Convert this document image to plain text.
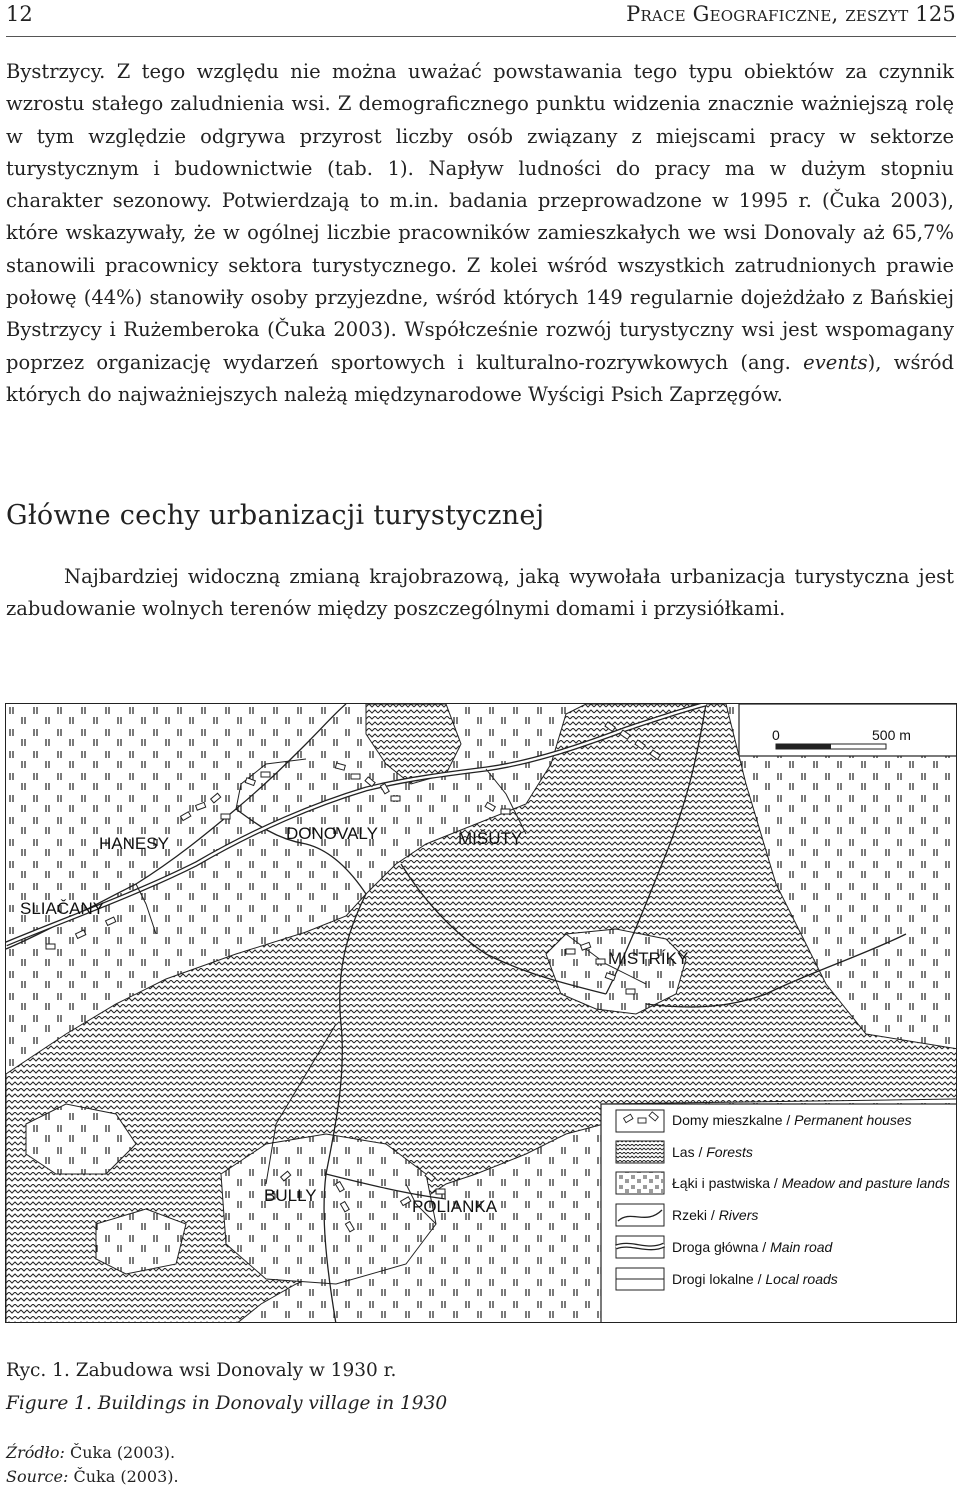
12	Prace Geograficzne, zeszyt 125
Bystrzycy. Z tego względu nie można uważać powstawania tego typu obiektów za czynnik wzrostu stałego zaludnienia wsi. Z demograficznego punktu widzenia znacznie ważniejszą rolę w tym względzie odgrywa przyrost liczby osób związany z miejscami pracy w sektorze turystycznym i budownictwie (tab. 1). Napływ ludności do pracy ma w dużym stopniu charakter sezonowy. Potwierdzają to m.in. badania przeprowadzone w 1995 r. (Čuka 2003), które wskazywały, że w ogólnej liczbie pracowników zamieszkałych we wsi Donovaly aż 65,7% stanowili pracownicy sektora turystycznego. Z kolei wśród wszystkich zatrudnionych prawie połowę (44%) stanowiły osoby przyjezdne, wśród których 149 regularnie dojeżdżało z Bańskiej Bystrzycy i Rużemberoka (Čuka 2003). Współcześnie rozwój turystyczny wsi jest wspomagany poprzez organizację wydarzeń sportowych i kulturalno-rozrywkowych (ang. events), wśród których do najważniejszych należą międzynarodowe Wyścigi Psich Zaprzęgów.
Główne cechy urbanizacji turystycznej
Najbardziej widoczną zmianą krajobrazową, jaką wywołała urbanizacja turystyczna jest zabudowanie wolnych terenów między poszczególnymi domami i przysiółkami.
HANESY
DONOVALY	MIŠÚTY
SLIAČANY
MISTRÍKY
BULLY
POLIANKA
0	500 m
Domy mieszkalne / Permanent houses
Las / Forests
Łąki i pastwiska / Meadow and pasture lands
Rzeki / Rivers
Droga główna / Main road
Drogi lokalne / Local roads
Ryc. 1. Zabudowa wsi Donovaly w 1930 r.
Figure 1. Buildings in Donovaly village in 1930
Źródło: Čuka (2003).
Source: Čuka (2003).
